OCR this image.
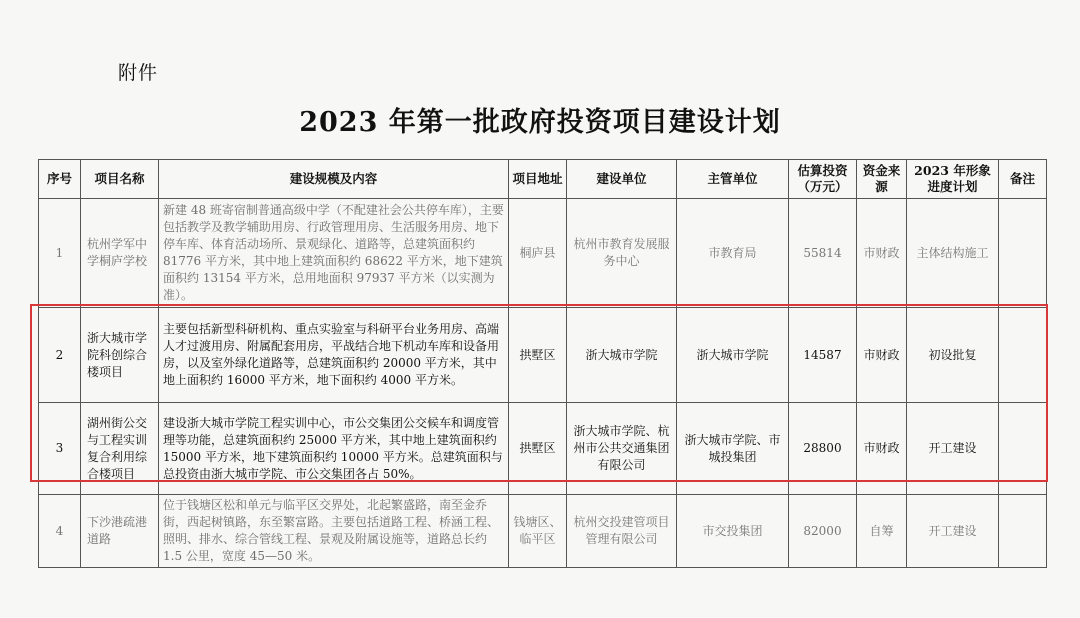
附件
2023 年第一批政府投资项目建设计划
序号	项目名称	建设规模及内容	项目地址	建设单位	主管单位	估算投资（万元）	资金来源	2023 年形象进度计划	备注
1	杭州学军中学桐庐学校	新建 48 班寄宿制普通高级中学（不配建社会公共停车库），主要包括教学及教学辅助用房、行政管理用房、生活服务用房、地下停车库、体育活动场所、景观绿化、道路等，总建筑面积约 81776 平方米，其中地上建筑面积约 68622 平方米，地下建筑面积约 13154 平方米，总用地面积 97937 平方米（以实测为准）。	桐庐县	杭州市教育发展服务中心	市教育局	55814	市财政	主体结构施工	
2	浙大城市学院科创综合楼项目	主要包括新型科研机构、重点实验室与科研平台业务用房、高端人才过渡用房、附属配套用房，平战结合地下机动车库和设备用房，以及室外绿化道路等，总建筑面积约 20000 平方米，其中地上面积约 16000 平方米，地下面积约 4000 平方米。	拱墅区	浙大城市学院	浙大城市学院	14587	市财政	初设批复	
3	湖州街公交与工程实训复合利用综合楼项目	建设浙大城市学院工程实训中心，市公交集团公交候车和调度管理等功能，总建筑面积约 25000 平方米，其中地上建筑面积约 15000 平方米，地下建筑面积约 10000 平方米。总建筑面积与总投资由浙大城市学院、市公交集团各占 50%。	拱墅区	浙大城市学院、杭州市公共交通集团有限公司	浙大城市学院、市城投集团	28800	市财政	开工建设	
4	下沙港疏港道路	位于钱塘区松和单元与临平区交界处，北起繁盛路，南至金乔街，西起树镇路，东至繁富路。主要包括道路工程、桥涵工程、照明、排水、综合管线工程、景观及附属设施等，道路总长约 1.5 公里，宽度 45—50 米。	钱塘区、临平区	杭州交投建管项目管理有限公司	市交投集团	82000	自筹	开工建设	
